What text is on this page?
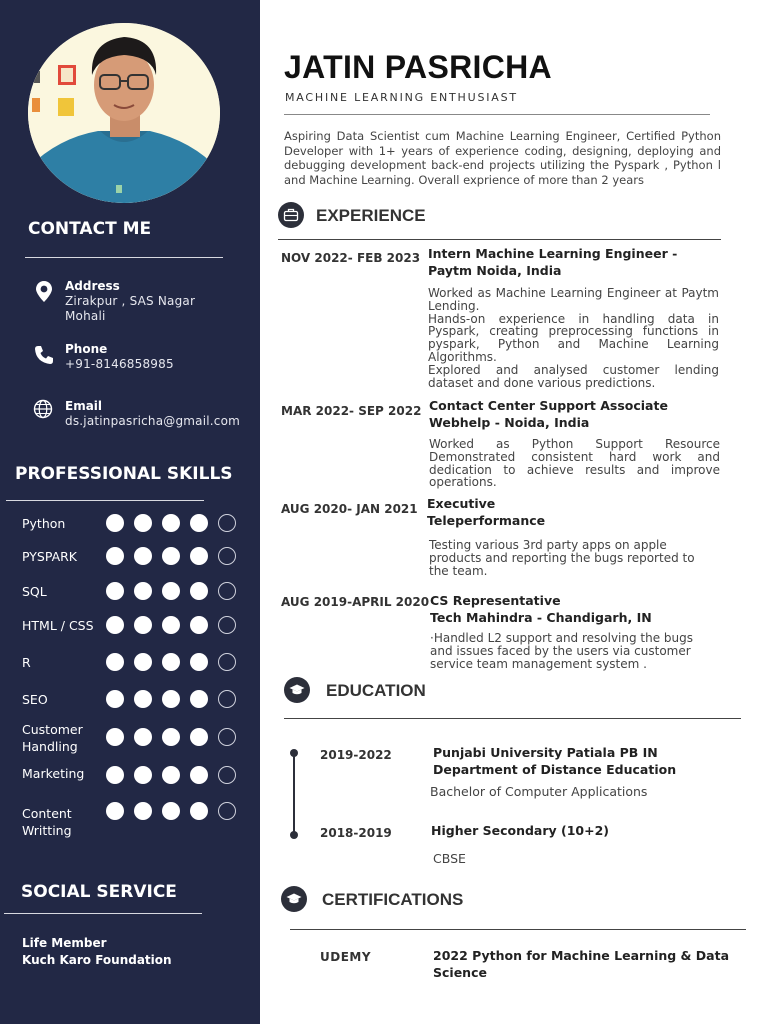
CONTACT ME
Address
Zirakpur , SAS Nagar
Mohali
Phone
+91-8146858985
Email
ds.jatinpasricha@gmail.com
PROFESSIONAL SKILLS
Python
PYSPARK
SQL
HTML / CSS
R
SEO
Customer
Handling
Marketing
Content
Writting
SOCIAL SERVICE
Life Member
Kuch Karo Foundation
JATIN PASRICHA
MACHINE LEARNING ENTHUSIAST
Aspiring Data Scientist cum Machine Learning Engineer, Certified Python Developer with 1+ years of experience coding, designing, deploying and debugging development back-end projects utilizing the Pyspark , Python l and Machine Learning. Overall exprience of more than 2 years
EXPERIENCE
NOV 2022- FEB 2023 Intern Machine Learning Engineer -
Paytm Noida, India
Worked as Machine Learning Engineer at Paytm Lending.
Hands-on experience in handling data in Pyspark, creating preprocessing functions in pyspark, Python and Machine Learning Algorithms.
Explored and analysed customer lending dataset and done various predictions.
MAR 2022- SEP 2022 Contact Center Support Associate
Webhelp - Noida, India
Worked as Python Support Resource Demonstrated consistent hard work and dedication to achieve results and improve operations.
AUG 2020- JAN 2021 Executive
Teleperformance
Testing various 3rd party apps on apple products and reporting the bugs reported to the team.
AUG 2019-APRIL 2020 CS Representative
Tech Mahindra - Chandigarh, IN
·Handled L2 support and resolving the bugs and issues faced by the users via customer service team management system .
EDUCATION
2019-2022	Punjabi University Patiala PB IN
Department of Distance Education
Bachelor of Computer Applications
2018-2019	Higher Secondary (10+2)
CBSE
CERTIFICATIONS
UDEMY	2022 Python for Machine Learning & Data Science
